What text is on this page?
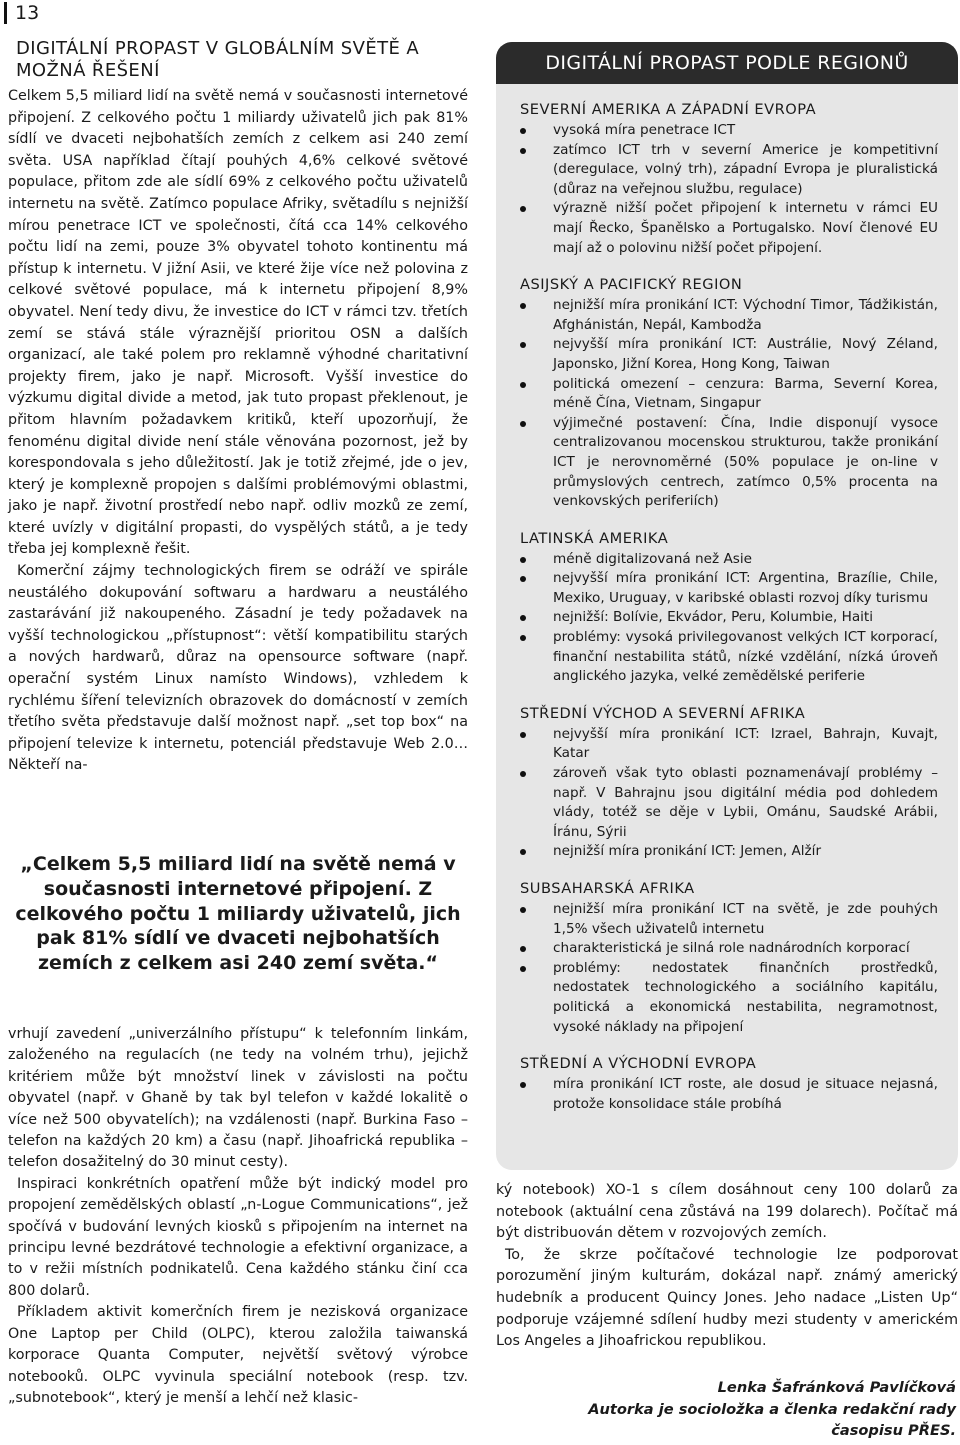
13
DIGITÁLNÍ PROPAST V GLOBÁLNÍM SVĚTĚ A MOŽNÁ ŘEŠENÍ

Celkem 5,5 miliard lidí na světě nemá v současnosti internetové připojení. Z celkového počtu 1 miliardy uživatelů jich pak 81% sídlí ve dvaceti nejbohatších zemích z celkem asi 240 zemí světa. USA například čítají pouhých 4,6% celkové světové populace, přitom zde ale sídlí 69% z celkového počtu uživatelů internetu na světě. Zatímco populace Afriky, světadílu s nejnižší mírou penetrace ICT ve společnosti, čítá cca 14% celkového počtu lidí na zemi, pouze 3% obyvatel tohoto kontinentu má přístup k internetu. V jižní Asii, ve které žije více než polovina z celkové světové populace, má k internetu připojení 8,9% obyvatel. Není tedy divu, že investice do ICT v rámci tzv. třetích zemí se stává stále výraznější prioritou OSN a dalších organizací, ale také polem pro reklamně výhodné charitativní projekty firem, jako je např. Microsoft. Vyšší investice do výzkumu digital divide a metod, jak tuto propast překlenout, je přitom hlavním požadavkem kritiků, kteří upozorňují, že fenoménu digital divide není stále věnována pozornost, jež by korespondovala s jeho důležitostí. Jak je totiž zřejmé, jde o jev, který je komplexně propojen s dalšími problémovými oblastmi, jako je např. životní prostředí nebo např. odliv mozků ze zemí, které uvízly v digitální propasti, do vyspělých států, a je tedy třeba jej komplexně řešit.

Komerční zájmy technologických firem se odráží ve spirále neustálého dokupování softwaru a hardwaru a neustálého zastarávání již nakoupeného. Zásadní je tedy požadavek na vyšší technologickou „přístupnost“: větší kompatibilitu starých a nových hardwarů, důraz na opensource software (např. operační systém Linux namísto Windows), vzhledem k rychlému šíření televizních obrazovek do domácností v zemích třetího světa představuje další možnost např. „set top box“ na připojení televize k internetu, potenciál představuje Web 2.0… Někteří na-

„Celkem 5,5 miliard lidí na světě nemá v současnosti internetové připojení. Z celkového počtu 1 miliardy uživatelů, jich pak 81% sídlí ve dvaceti nejbohatších zemích z celkem asi 240 zemí světa.“

vrhují zavedení „univerzálního přístupu“ k telefonním linkám, založeného na regulacích (ne tedy na volném trhu), jejichž kritériem může být množství linek v závislosti na počtu obyvatel (např. v Ghaně by tak byl telefon v každé lokalitě o více než 500 obyvatelích); na vzdálenosti (např. Burkina Faso – telefon na každých 20 km) a času (např. Jihoafrická republika – telefon dosažitelný do 30 minut cesty).

Inspiraci konkrétních opatření může být indický model pro propojení zemědělských oblastí „n-Logue Communications“, jež spočívá v budování levných kiosků s připojením na internet na principu levné bezdrátové technologie a efektivní organizace, a to v režii místních podnikatelů. Cena každého stánku činí cca 800 dolarů.

Příkladem aktivit komerčních firem je nezisková organizace One Laptop per Child (OLPC), kterou založila taiwanská korporace Quanta Computer, největší světový výrobce notebooků. OLPC vyvinula speciální notebook (resp. tzv. „subnotebook“, který je menší a lehčí než klasic-

DIGITÁLNÍ PROPAST PODLE REGIONŮ
SEVERNÍ AMERIKA A ZÁPADNÍ EVROPA
vysoká míra penetrace ICT
zatímco ICT trh v severní Americe je kompetitivní (deregulace, volný trh), západní Evropa je pluralistická (důraz na veřejnou službu, regulace)
výrazně nižší počet připojení k internetu v rámci EU mají Řecko, Španělsko a Portugalsko. Noví členové EU mají až o polovinu nižší počet připojení.
ASIJSKÝ A PACIFICKÝ REGION
nejnižší míra pronikání ICT: Východní Timor, Tádžikistán, Afghánistán, Nepál, Kambodža
nejvyšší míra pronikání ICT: Austrálie, Nový Zéland, Japonsko, Jižní Korea, Hong Kong, Taiwan
politická omezení – cenzura: Barma, Severní Korea, méně Čína, Vietnam, Singapur
výjimečné postavení: Čína, Indie disponují vysoce centralizovanou mocenskou strukturou, takže pronikání ICT je nerovnoměrné (50% populace je on-line v průmyslových centrech, zatímco 0,5% procenta na venkovských periferiích)
LATINSKÁ AMERIKA
méně digitalizovaná než Asie
nejvyšší míra pronikání ICT: Argentina, Brazílie, Chile, Mexiko, Uruguay, v karibské oblasti rozvoj díky turismu
nejnižší: Bolívie, Ekvádor, Peru, Kolumbie, Haiti
problémy: vysoká privilegovanost velkých ICT korporací, finanční nestabilita států, nízké vzdělání, nízká úroveň anglického jazyka, velké zemědělské periferie
STŘEDNÍ VÝCHOD A SEVERNÍ AFRIKA
nejvyšší míra pronikání ICT: Izrael, Bahrajn, Kuvajt, Katar
zároveň však tyto oblasti poznamenávají problémy – např. V Bahrajnu jsou digitální média pod dohledem vlády, totéž se děje v Lybii, Ománu, Saudské Arábii, Íránu, Sýrii
nejnižší míra pronikání ICT: Jemen, Alžír
SUBSAHARSKÁ AFRIKA
nejnižší míra pronikání ICT na světě, je zde pouhých 1,5% všech uživatelů internetu
charakteristická je silná role nadnárodních korporací
problémy: nedostatek finančních prostředků, nedostatek technologického a sociálního kapitálu, politická a ekonomická nestabilita, negramotnost, vysoké náklady na připojení
STŘEDNÍ A VÝCHODNÍ EVROPA
míra pronikání ICT roste, ale dosud je situace nejasná, protože konsolidace stále probíhá

ký notebook) XO-1 s cílem dosáhnout ceny 100 dolarů za notebook (aktuální cena zůstává na 199 dolarech). Počítač má být distribuován dětem v rozvojových zemích.

To, že skrze počítačové technologie lze podporovat porozumění jiným kulturám, dokázal např. známý americký hudebník a producent Quincy Jones. Jeho nadace „Listen Up“ podporuje vzájemné sdílení hudby mezi studenty v americkém Los Angeles a Jihoafrickou republikou.

Lenka Šafránková Pavlíčková
Autorka je socioložka a členka redakční rady
časopisu PŘES.
